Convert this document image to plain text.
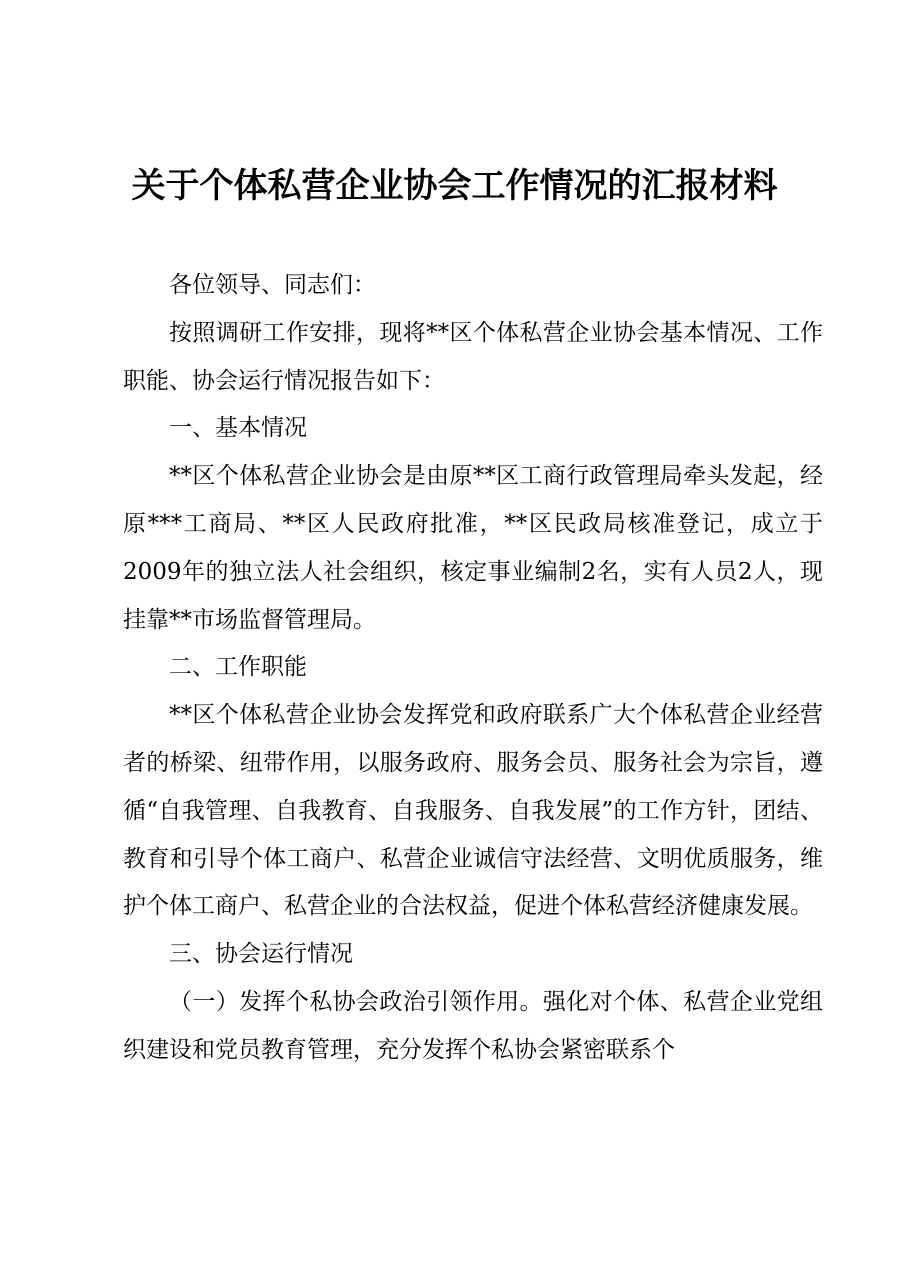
关于个体私营企业协会工作情况的汇报材料

各位领导、同志们：

按照调研工作安排，现将**区个体私营企业协会基本情况、工作职能、协会运行情况报告如下：

一、基本情况

**区个体私营企业协会是由原**区工商行政管理局牵头发起，经原***工商局、**区人民政府批准，**区民政局核准登记，成立于2009年的独立法人社会组织，核定事业编制2名，实有人员2人，现挂靠**市场监督管理局。

二、工作职能

**区个体私营企业协会发挥党和政府联系广大个体私营企业经营者的桥梁、纽带作用，以服务政府、服务会员、服务社会为宗旨，遵循“自我管理、自我教育、自我服务、自我发展”的工作方针，团结、教育和引导个体工商户、私营企业诚信守法经营、文明优质服务，维护个体工商户、私营企业的合法权益，促进个体私营经济健康发展。

三、协会运行情况

（一）发挥个私协会政治引领作用。强化对个体、私营企业党组织建设和党员教育管理，充分发挥个私协会紧密联系个
